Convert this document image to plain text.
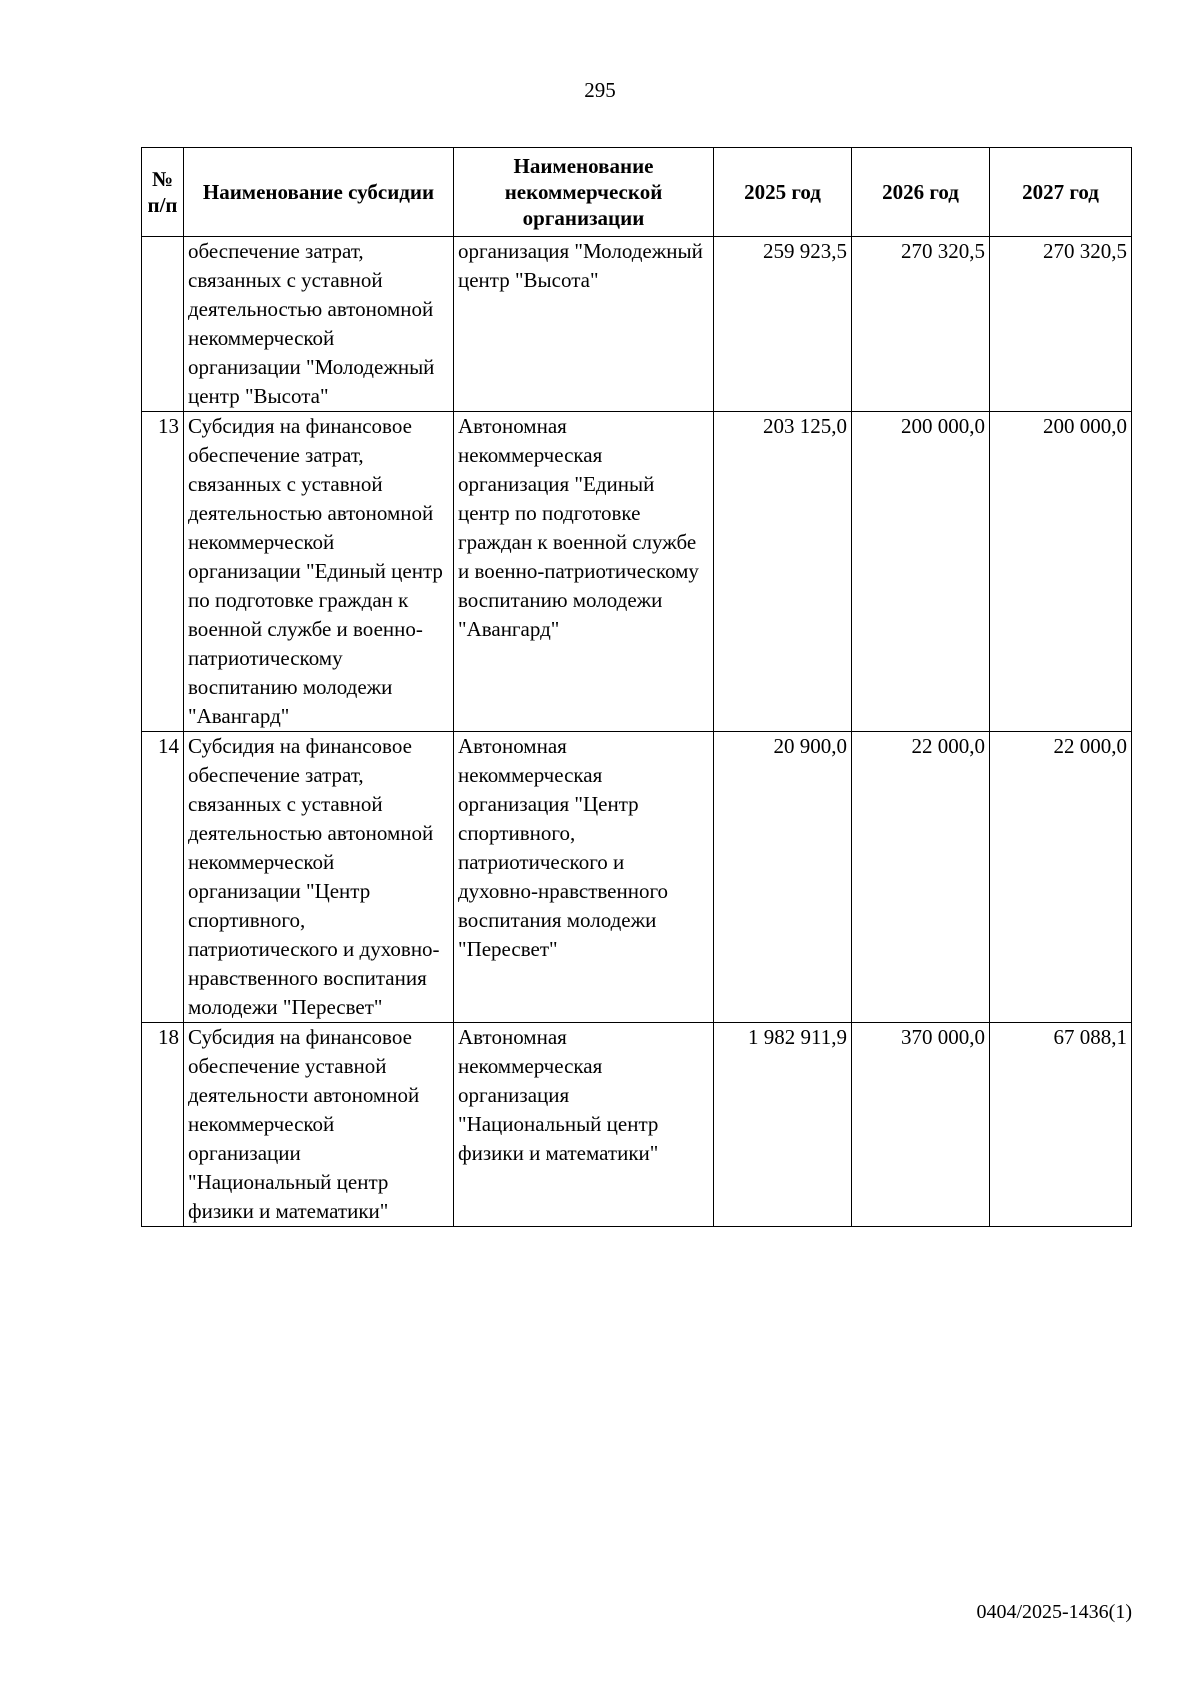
295
№ п/п	Наименование субсидии	Наименование некоммерческой организации	2025 год	2026 год	2027 год
	обеспечение затрат, связанных с уставной деятельностью автономной некоммерческой организации "Молодежный центр "Высота"	организация "Молодежный центр "Высота"	259 923,5	270 320,5	270 320,5
13	Субсидия на финансовое обеспечение затрат, связанных с уставной деятельностью автономной некоммерческой организации "Единый центр по подготовке граждан к военной службе и военно-патриотическому воспитанию молодежи "Авангард"	Автономная некоммерческая организация "Единый центр по подготовке граждан к военной службе и военно-патриотическому воспитанию молодежи "Авангард"	203 125,0	200 000,0	200 000,0
14	Субсидия на финансовое обеспечение затрат, связанных с уставной деятельностью автономной некоммерческой организации "Центр спортивного, патриотического и духовно-нравственного воспитания молодежи "Пересвет"	Автономная некоммерческая организация "Центр спортивного, патриотического и духовно-нравственного воспитания молодежи "Пересвет"	20 900,0	22 000,0	22 000,0
18	Субсидия на финансовое обеспечение уставной деятельности автономной некоммерческой организации "Национальный центр физики и математики"	Автономная некоммерческая организация "Национальный центр физики и математики"	1 982 911,9	370 000,0	67 088,1
0404/2025-1436(1)
